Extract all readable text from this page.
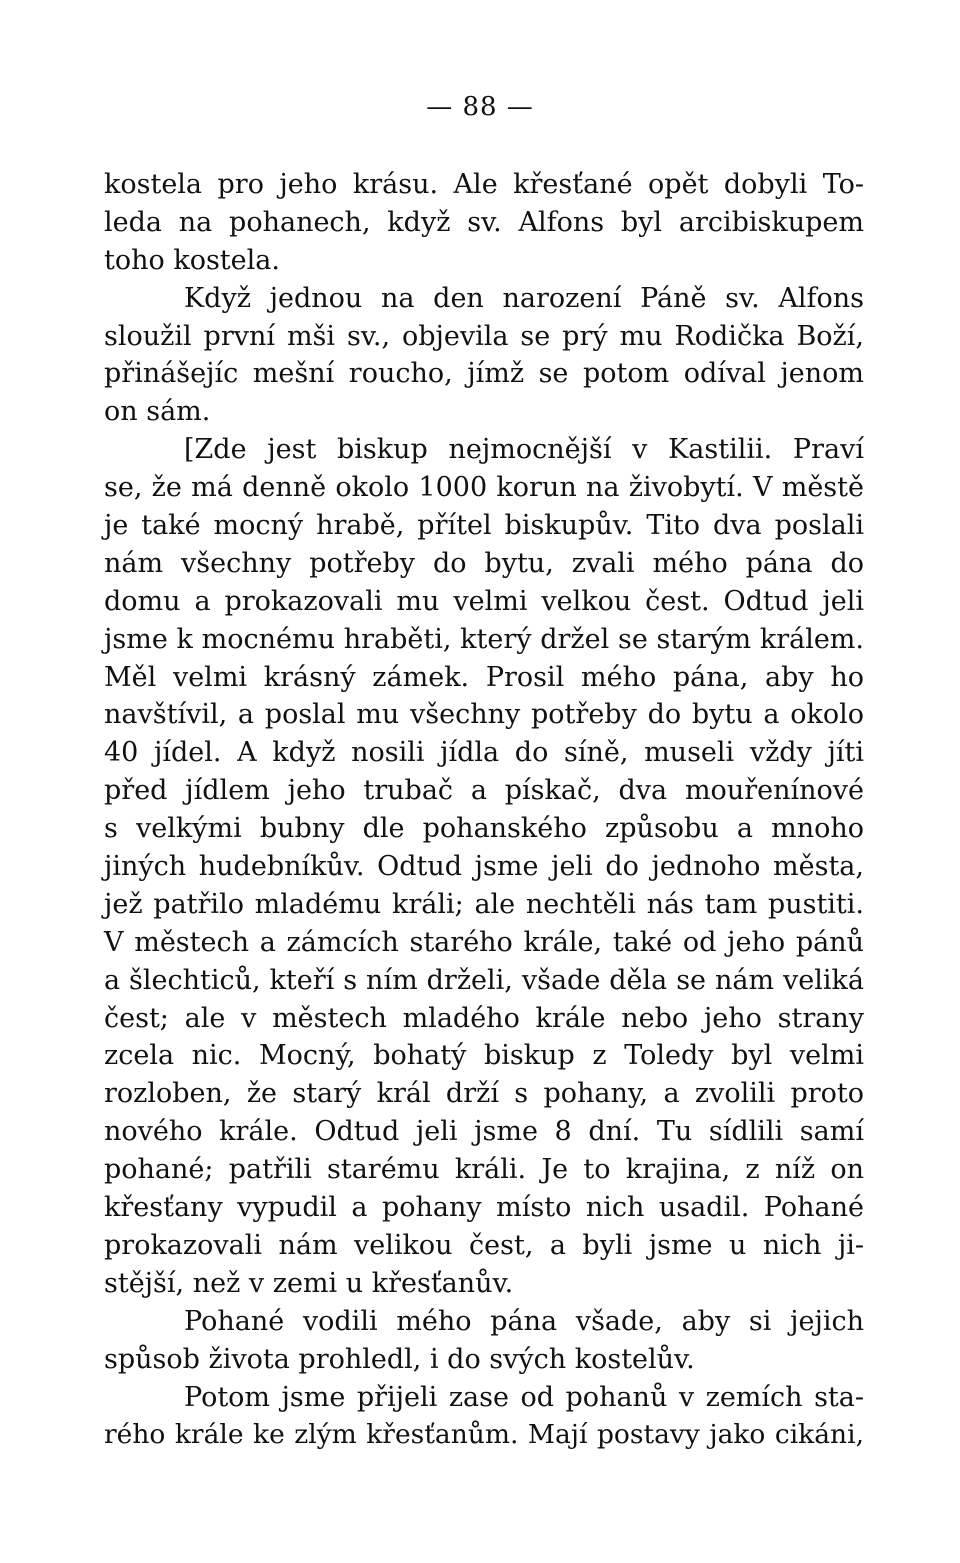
— 88 —
kostela pro jeho krásu. Ale křesťané opět dobyli To-
leda na pohanech, když sv. Alfons byl arcibiskupem
toho kostela.
Když jednou na den narození Páně sv. Alfons
sloužil první mši sv., objevila se prý mu Rodička Boží,
přinášejíc mešní roucho, jímž se potom odíval jenom
on sám.
[Zde jest biskup nejmocnější v Kastilii. Praví
se, že má denně okolo 1000 korun na živobytí. V městě
je také mocný hrabě, přítel biskupův. Tito dva poslali
nám všechny potřeby do bytu, zvali mého pána do
domu a prokazovali mu velmi velkou čest. Odtud jeli
jsme k mocnému hraběti, který držel se starým králem.
Měl velmi krásný zámek. Prosil mého pána, aby ho
navštívil, a poslal mu všechny potřeby do bytu a okolo
40 jídel. A když nosili jídla do síně, museli vždy jíti
před jídlem jeho trubač a pískač, dva mouřenínové
s velkými bubny dle pohanského způsobu a mnoho
jiných hudebníkův. Odtud jsme jeli do jednoho města,
jež patřilo mladému králi; ale nechtěli nás tam pustiti.
V městech a zámcích starého krále, také od jeho pánů
a šlechticů, kteří s ním drželi, všade děla se nám veliká
čest; ale v městech mladého krále nebo jeho strany
zcela nic. Mocný, bohatý biskup z Toledy byl velmi
rozloben, že starý král drží s pohany, a zvolili proto
nového krále. Odtud jeli jsme 8 dní. Tu sídlili samí
pohané; patřili starému králi. Je to krajina, z níž on
křesťany vypudil a pohany místo nich usadil. Pohané
prokazovali nám velikou čest, a byli jsme u nich ji-
stější, než v zemi u křesťanův.
Pohané vodili mého pána všade, aby si jejich
spůsob života prohledl, i do svých kostelův.
Potom jsme přijeli zase od pohanů v zemích sta-
rého krále ke zlým křesťanům. Mají postavy jako cikáni,
